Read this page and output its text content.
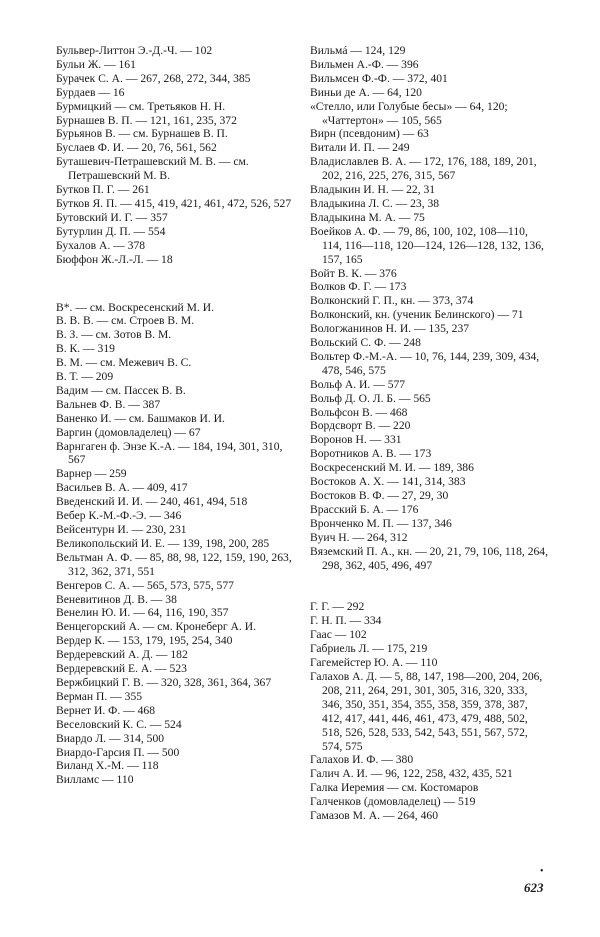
Бульвер-Литтон Э.-Д.-Ч. — 102
Бульи Ж. — 161
Бурачек С. А. — 267, 268, 272, 344, 385
Бурдаев — 16
Бурмицкий — см. Третьяков Н. Н.
Бурнашев В. П. — 121, 161, 235, 372
Бурьянов В. — см. Бурнашев В. П.
Буслаев Ф. И. — 20, 76, 561, 562
Буташевич-Петрашевский М. В. — см. Петрашевский М. В.
Бутков П. Г. — 261
Бутков Я. П. — 415, 419, 421, 461, 472, 526, 527
Бутовский И. Г. — 357
Бутурлин Д. П. — 554
Бухалов А. — 378
Бюффон Ж.-Л.-Л. — 18
В*. — см. Воскресенский М. И.
В. В. В. — см. Строев В. М.
В. З. — см. Зотов В. М.
В. К. — 319
В. М. — см. Межевич В. С.
В. Т. — 209
Вадим — см. Пассек В. В.
Вальнев Ф. В. — 387
Ваненко И. — см. Башмаков И. И.
Варгин (домовладелец) — 67
Варнгаген ф. Энзе К.-А. — 184, 194, 301, 310, 567
Варнер — 259
Васильев В. А. — 409, 417
Введенский И. И. — 240, 461, 494, 518
Вебер К.-М.-Ф.-Э. — 346
Вейсентурн И. — 230, 231
Великопольский И. Е. — 139, 198, 200, 285
Вельтман А. Ф. — 85, 88, 98, 122, 159, 190, 263, 312, 362, 371, 551
Венгеров С. А. — 565, 573, 575, 577
Веневитинов Д. В. — 38
Венелин Ю. И. — 64, 116, 190, 357
Венцегорский А. — см. Кронеберг А. И.
Вердер К. — 153, 179, 195, 254, 340
Вердеревский А. Д. — 182
Вердеревский Е. А. — 523
Вержбицкий Г. В. — 320, 328, 361, 364, 367
Верман П. — 355
Вернет И. Ф. — 468
Веселовский К. С. — 524
Виардо Л. — 314, 500
Виардо-Гарсия П. — 500
Виланд Х.-М. — 118
Вилламс — 110
Вильмá — 124, 129
Вильмен А.-Ф. — 396
Вильмсен Ф.-Ф. — 372, 401
Виньи де А. — 64, 120
«Стелло, или Голубые бесы» — 64, 120; «Чаттертон» — 105, 565
Вирн (псевдоним) — 63
Витали И. П. — 249
Владиславлев В. А. — 172, 176, 188, 189, 201, 202, 216, 225, 276, 315, 567
Владыкин И. Н. — 22, 31
Владыкина Л. С. — 23, 38
Владыкина М. А. — 75
Воейков А. Ф. — 79, 86, 100, 102, 108—110, 114, 116—118, 120—124, 126—128, 132, 136, 157, 165
Войт В. К. — 376
Волков Ф. Г. — 173
Волконский Г. П., кн. — 373, 374
Волконский, кн. (ученик Белинского) — 71
Вологжанинов Н. И. — 135, 237
Вольский С. Ф. — 248
Вольтер Ф.-М.-А. — 10, 76, 144, 239, 309, 434, 478, 546, 575
Вольф А. И. — 577
Вольф Д. О. Л. Б. — 565
Вольфсон В. — 468
Вордсворт В. — 220
Воронов Н. — 331
Воротников А. В. — 173
Воскресенский М. И. — 189, 386
Востоков А. Х. — 141, 314, 383
Востоков В. Ф. — 27, 29, 30
Врасский Б. А. — 176
Вронченко М. П. — 137, 346
Вуич Н. — 264, 312
Вяземский П. А., кн. — 20, 21, 79, 106, 118, 264, 298, 362, 405, 496, 497
Г. Г. — 292
Г. Н. П. — 334
Гаас — 102
Габриель Л. — 175, 219
Гагемейстер Ю. А. — 110
Галахов А. Д. — 5, 88, 147, 198—200, 204, 206, 208, 211, 264, 291, 301, 305, 316, 320, 333, 346, 350, 351, 354, 355, 358, 359, 378, 387, 412, 417, 441, 446, 461, 473, 479, 488, 502, 518, 526, 528, 533, 542, 543, 551, 567, 572, 574, 575
Галахов И. Ф. — 380
Галич А. И. — 96, 122, 258, 432, 435, 521
Галка Иеремия — см. Костомаров
Галченков (домовладелец) — 519
Гамазов М. А. — 264, 460
•
623
